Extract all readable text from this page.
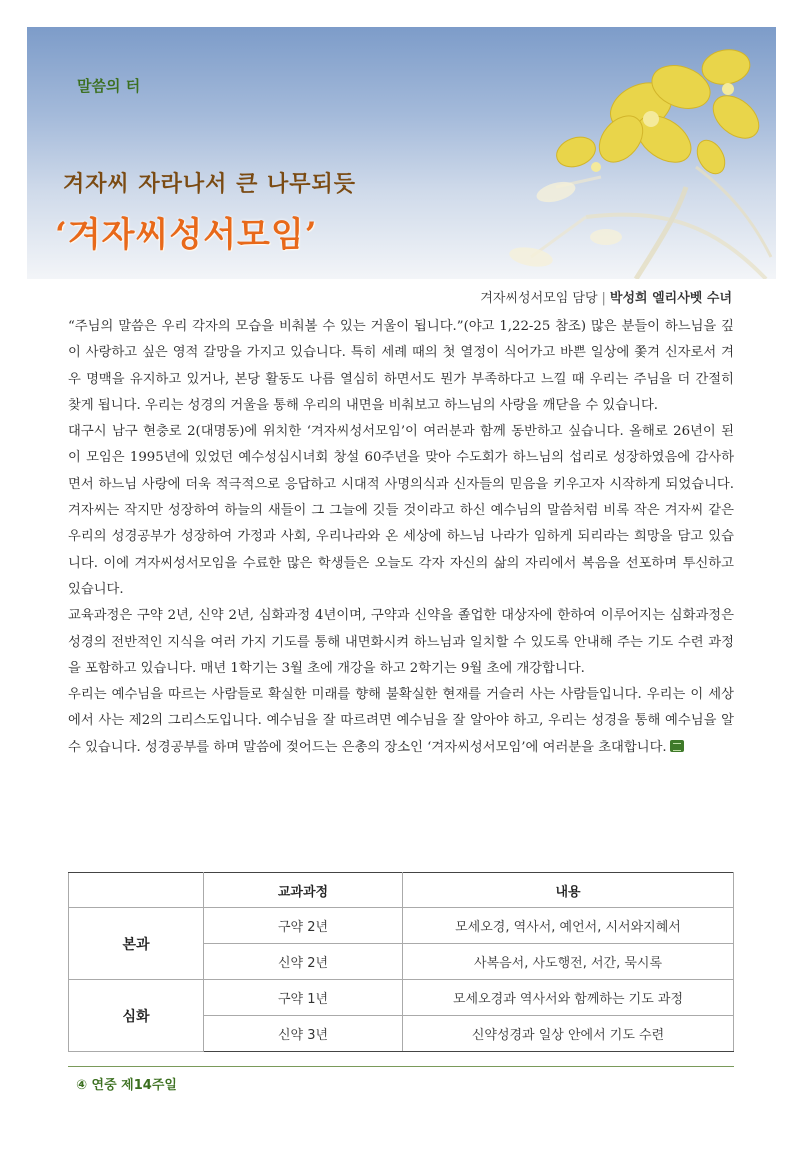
말씀의 터
겨자씨 자라나서 큰 나무되듯
‘겨자씨성서모임’
겨자씨성서모임 담당 | 박성희 엘리사벳 수녀

“주님의 말씀은 우리 각자의 모습을 비춰볼 수 있는 거울이 됩니다.”(야고 1,22-25 참조) 많은 분들이 하느님을 깊이 사랑하고 싶은 영적 갈망을 가지고 있습니다. 특히 세례 때의 첫 열정이 식어가고 바쁜 일상에 쫓겨 신자로서 겨우 명맥을 유지하고 있거나, 본당 활동도 나름 열심히 하면서도 뭔가 부족하다고 느낄 때 우리는 주님을 더 간절히 찾게 됩니다. 우리는 성경의 거울을 통해 우리의 내면을 비춰보고 하느님의 사랑을 깨닫을 수 있습니다.

대구시 남구 현충로 2(대명동)에 위치한 ‘겨자씨성서모임’이 여러분과 함께 동반하고 싶습니다. 올해로 26년이 된 이 모임은 1995년에 있었던 예수성심시녀회 창설 60주년을 맞아 수도회가 하느님의 섭리로 성장하였음에 감사하면서 하느님 사랑에 더욱 적극적으로 응답하고 시대적 사명의식과 신자들의 믿음을 키우고자 시작하게 되었습니다. 겨자씨는 작지만 성장하여 하늘의 새들이 그 그늘에 깃들 것이라고 하신 예수님의 말씀처럼 비록 작은 겨자씨 같은 우리의 성경공부가 성장하여 가정과 사회, 우리나라와 온 세상에 하느님 나라가 임하게 되리라는 희망을 담고 있습니다. 이에 겨자씨성서모임을 수료한 많은 학생들은 오늘도 각자 자신의 삶의 자리에서 복음을 선포하며 투신하고 있습니다.

교육과정은 구약 2년, 신약 2년, 심화과정 4년이며, 구약과 신약을 졸업한 대상자에 한하여 이루어지는 심화과정은 성경의 전반적인 지식을 여러 가지 기도를 통해 내면화시켜 하느님과 일치할 수 있도록 안내해 주는 기도 수련 과정을 포함하고 있습니다. 매년 1학기는 3월 초에 개강을 하고 2학기는 9월 초에 개강합니다.

우리는 예수님을 따르는 사람들로 확실한 미래를 향해 불확실한 현재를 거슬러 사는 사람들입니다. 우리는 이 세상에서 사는 제2의 그리스도입니다. 예수님을 잘 따르려면 예수님을 잘 알아야 하고, 우리는 성경을 통해 예수님을 알 수 있습니다. 성경공부를 하며 말씀에 젖어드는 은총의 장소인 ‘겨자씨성서모임’에 여러분을 초대합니다.

	교과과정	내용
본과	구약 2년	모세오경, 역사서, 예언서, 시서와지혜서
	신약 2년	사복음서, 사도행전, 서간, 묵시록
심화	구약 1년	모세오경과 역사서와 함께하는 기도 과정
	신약 3년	신약성경과 일상 안에서 기도 수련
④ 연중 제14주일
